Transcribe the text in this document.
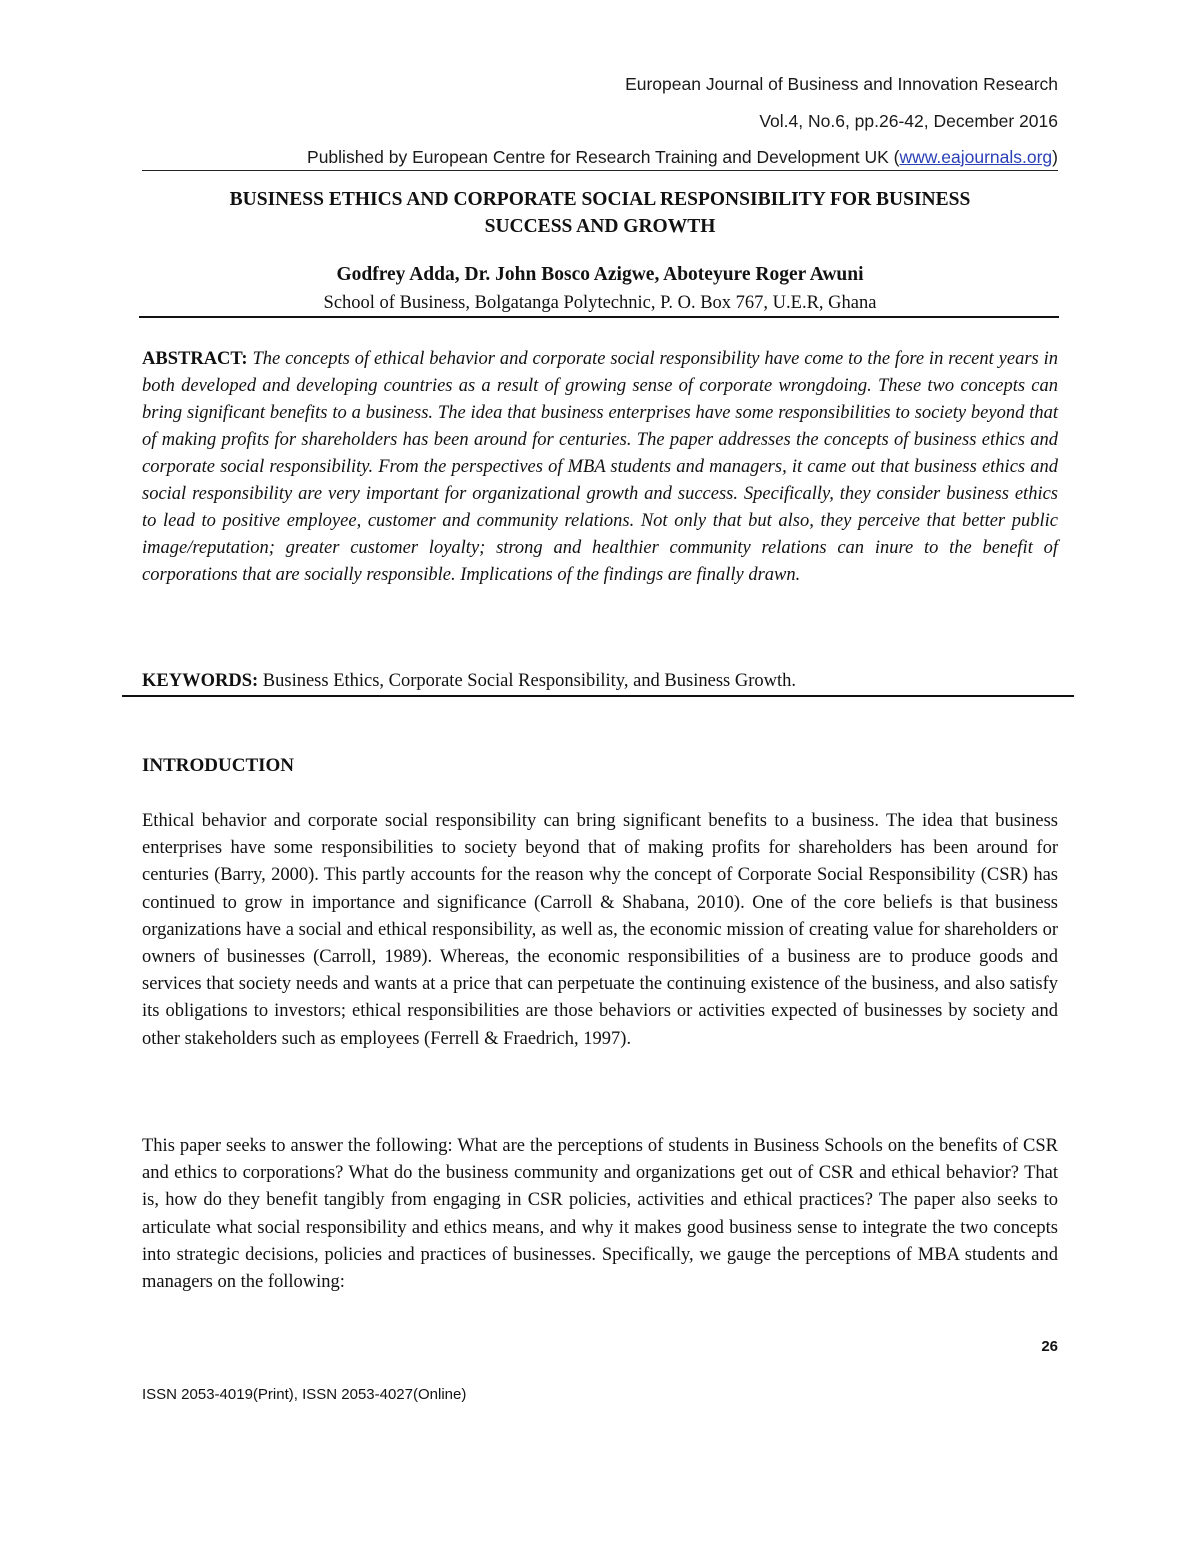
European Journal of Business and Innovation Research
Vol.4, No.6, pp.26-42, December 2016
Published by European Centre for Research Training and Development UK (www.eajournals.org)
BUSINESS ETHICS AND CORPORATE SOCIAL RESPONSIBILITY FOR BUSINESS
SUCCESS AND GROWTH
Godfrey Adda, Dr. John Bosco Azigwe, Aboteyure Roger Awuni
School of Business, Bolgatanga Polytechnic, P. O. Box 767, U.E.R, Ghana
ABSTRACT: The concepts of ethical behavior and corporate social responsibility have come to the fore in recent years in both developed and developing countries as a result of growing sense of corporate wrongdoing. These two concepts can bring significant benefits to a business. The idea that business enterprises have some responsibilities to society beyond that of making profits for shareholders has been around for centuries. The paper addresses the concepts of business ethics and corporate social responsibility. From the perspectives of MBA students and managers, it came out that business ethics and social responsibility are very important for organizational growth and success. Specifically, they consider business ethics to lead to positive employee, customer and community relations. Not only that but also, they perceive that better public image/reputation; greater customer loyalty; strong and healthier community relations can inure to the benefit of corporations that are socially responsible. Implications of the findings are finally drawn.
KEYWORDS: Business Ethics, Corporate Social Responsibility, and Business Growth.
INTRODUCTION
Ethical behavior and corporate social responsibility can bring significant benefits to a business. The idea that business enterprises have some responsibilities to society beyond that of making profits for shareholders has been around for centuries (Barry, 2000). This partly accounts for the reason why the concept of Corporate Social Responsibility (CSR) has continued to grow in importance and significance (Carroll & Shabana, 2010). One of the core beliefs is that business organizations have a social and ethical responsibility, as well as, the economic mission of creating value for shareholders or owners of businesses (Carroll, 1989). Whereas, the economic responsibilities of a business are to produce goods and services that society needs and wants at a price that can perpetuate the continuing existence of the business, and also satisfy its obligations to investors; ethical responsibilities are those behaviors or activities expected of businesses by society and other stakeholders such as employees (Ferrell & Fraedrich, 1997).
This paper seeks to answer the following: What are the perceptions of students in Business Schools on the benefits of CSR and ethics to corporations? What do the business community and organizations get out of CSR and ethical behavior? That is, how do they benefit tangibly from engaging in CSR policies, activities and ethical practices? The paper also seeks to articulate what social responsibility and ethics means, and why it makes good business sense to integrate the two concepts into strategic decisions, policies and practices of businesses. Specifically, we gauge the perceptions of MBA students and managers on the following:
26
ISSN 2053-4019(Print), ISSN 2053-4027(Online)
